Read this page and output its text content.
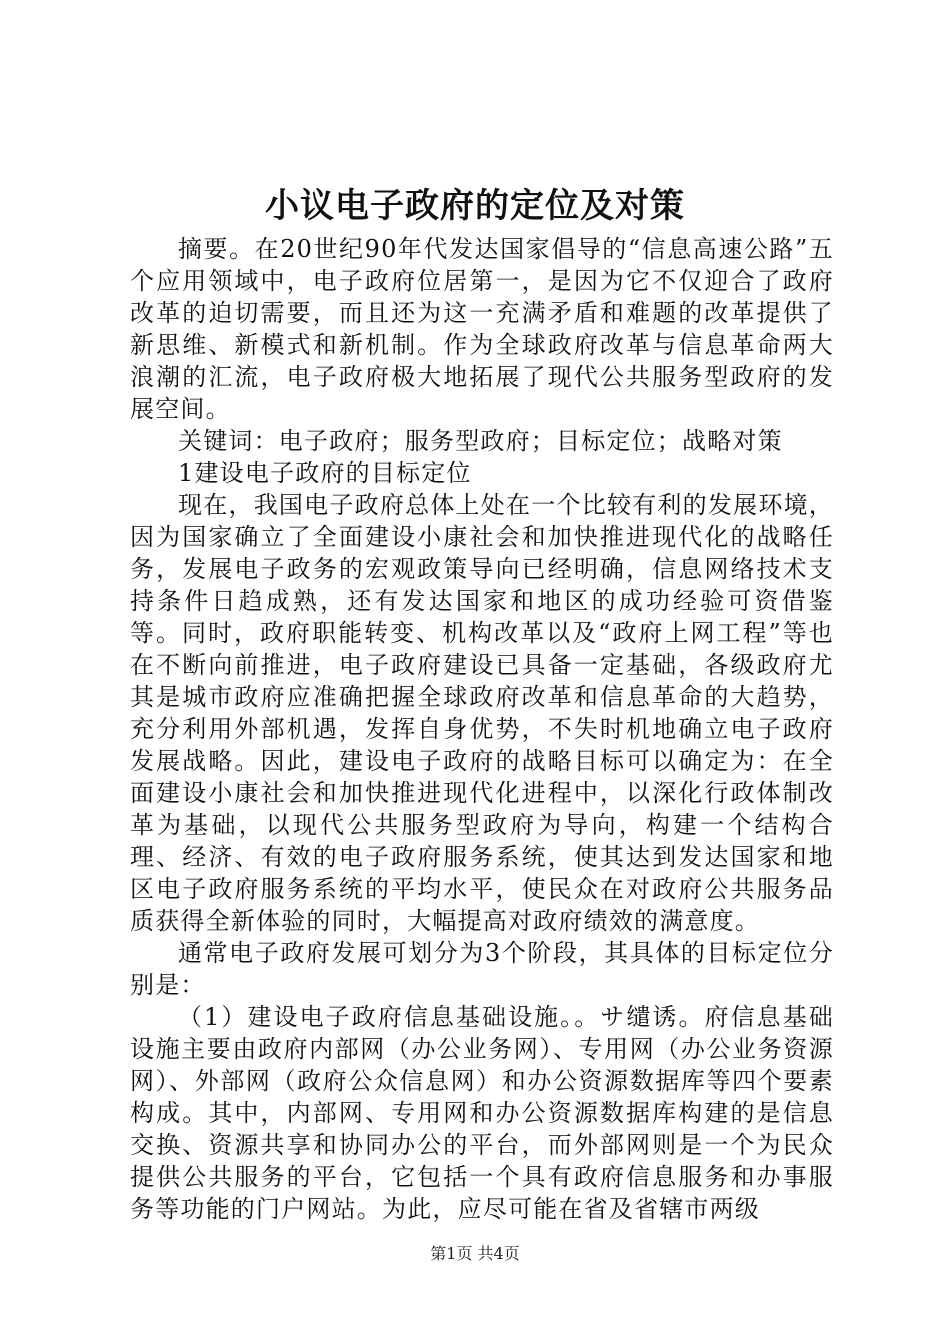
小议电子政府的定位及对策

摘要。在20世纪90年代发达国家倡导的“信息高速公路”五个应用领域中，电子政府位居第一，是因为它不仅迎合了政府改革的迫切需要，而且还为这一充满矛盾和难题的改革提供了新思维、新模式和新机制。作为全球政府改革与信息革命两大浪潮的汇流，电子政府极大地拓展了现代公共服务型政府的发展空间。

关键词：电子政府；服务型政府；目标定位；战略对策

1建设电子政府的目标定位

现在，我国电子政府总体上处在一个比较有利的发展环境，因为国家确立了全面建设小康社会和加快推进现代化的战略任务，发展电子政务的宏观政策导向已经明确，信息网络技术支持条件日趋成熟，还有发达国家和地区的成功经验可资借鉴等。同时，政府职能转变、机构改革以及“政府上网工程”等也在不断向前推进，电子政府建设已具备一定基础，各级政府尤其是城市政府应准确把握全球政府改革和信息革命的大趋势，充分利用外部机遇，发挥自身优势，不失时机地确立电子政府发展战略。因此，建设电子政府的战略目标可以确定为：在全面建设小康社会和加快推进现代化进程中，以深化行政体制改革为基础，以现代公共服务型政府为导向，构建一个结构合理、经济、有效的电子政府服务系统，使其达到发达国家和地区电子政府服务系统的平均水平，使民众在对政府公共服务品质获得全新体验的同时，大幅提高对政府绩效的满意度。

通常电子政府发展可划分为3个阶段，其具体的目标定位分别是：

（1）建设电子政府信息基础设施。。サ缱诱。府信息基础设施主要由政府内部网（办公业务网）、专用网（办公业务资源网）、外部网（政府公众信息网）和办公资源数据库等四个要素构成。其中，内部网、专用网和办公资源数据库构建的是信息交换、资源共享和协同办公的平台，而外部网则是一个为民众提供公共服务的平台，它包括一个具有政府信息服务和办事服务等功能的门户网站。为此，应尽可能在省及省辖市两级

第1页 共4页
